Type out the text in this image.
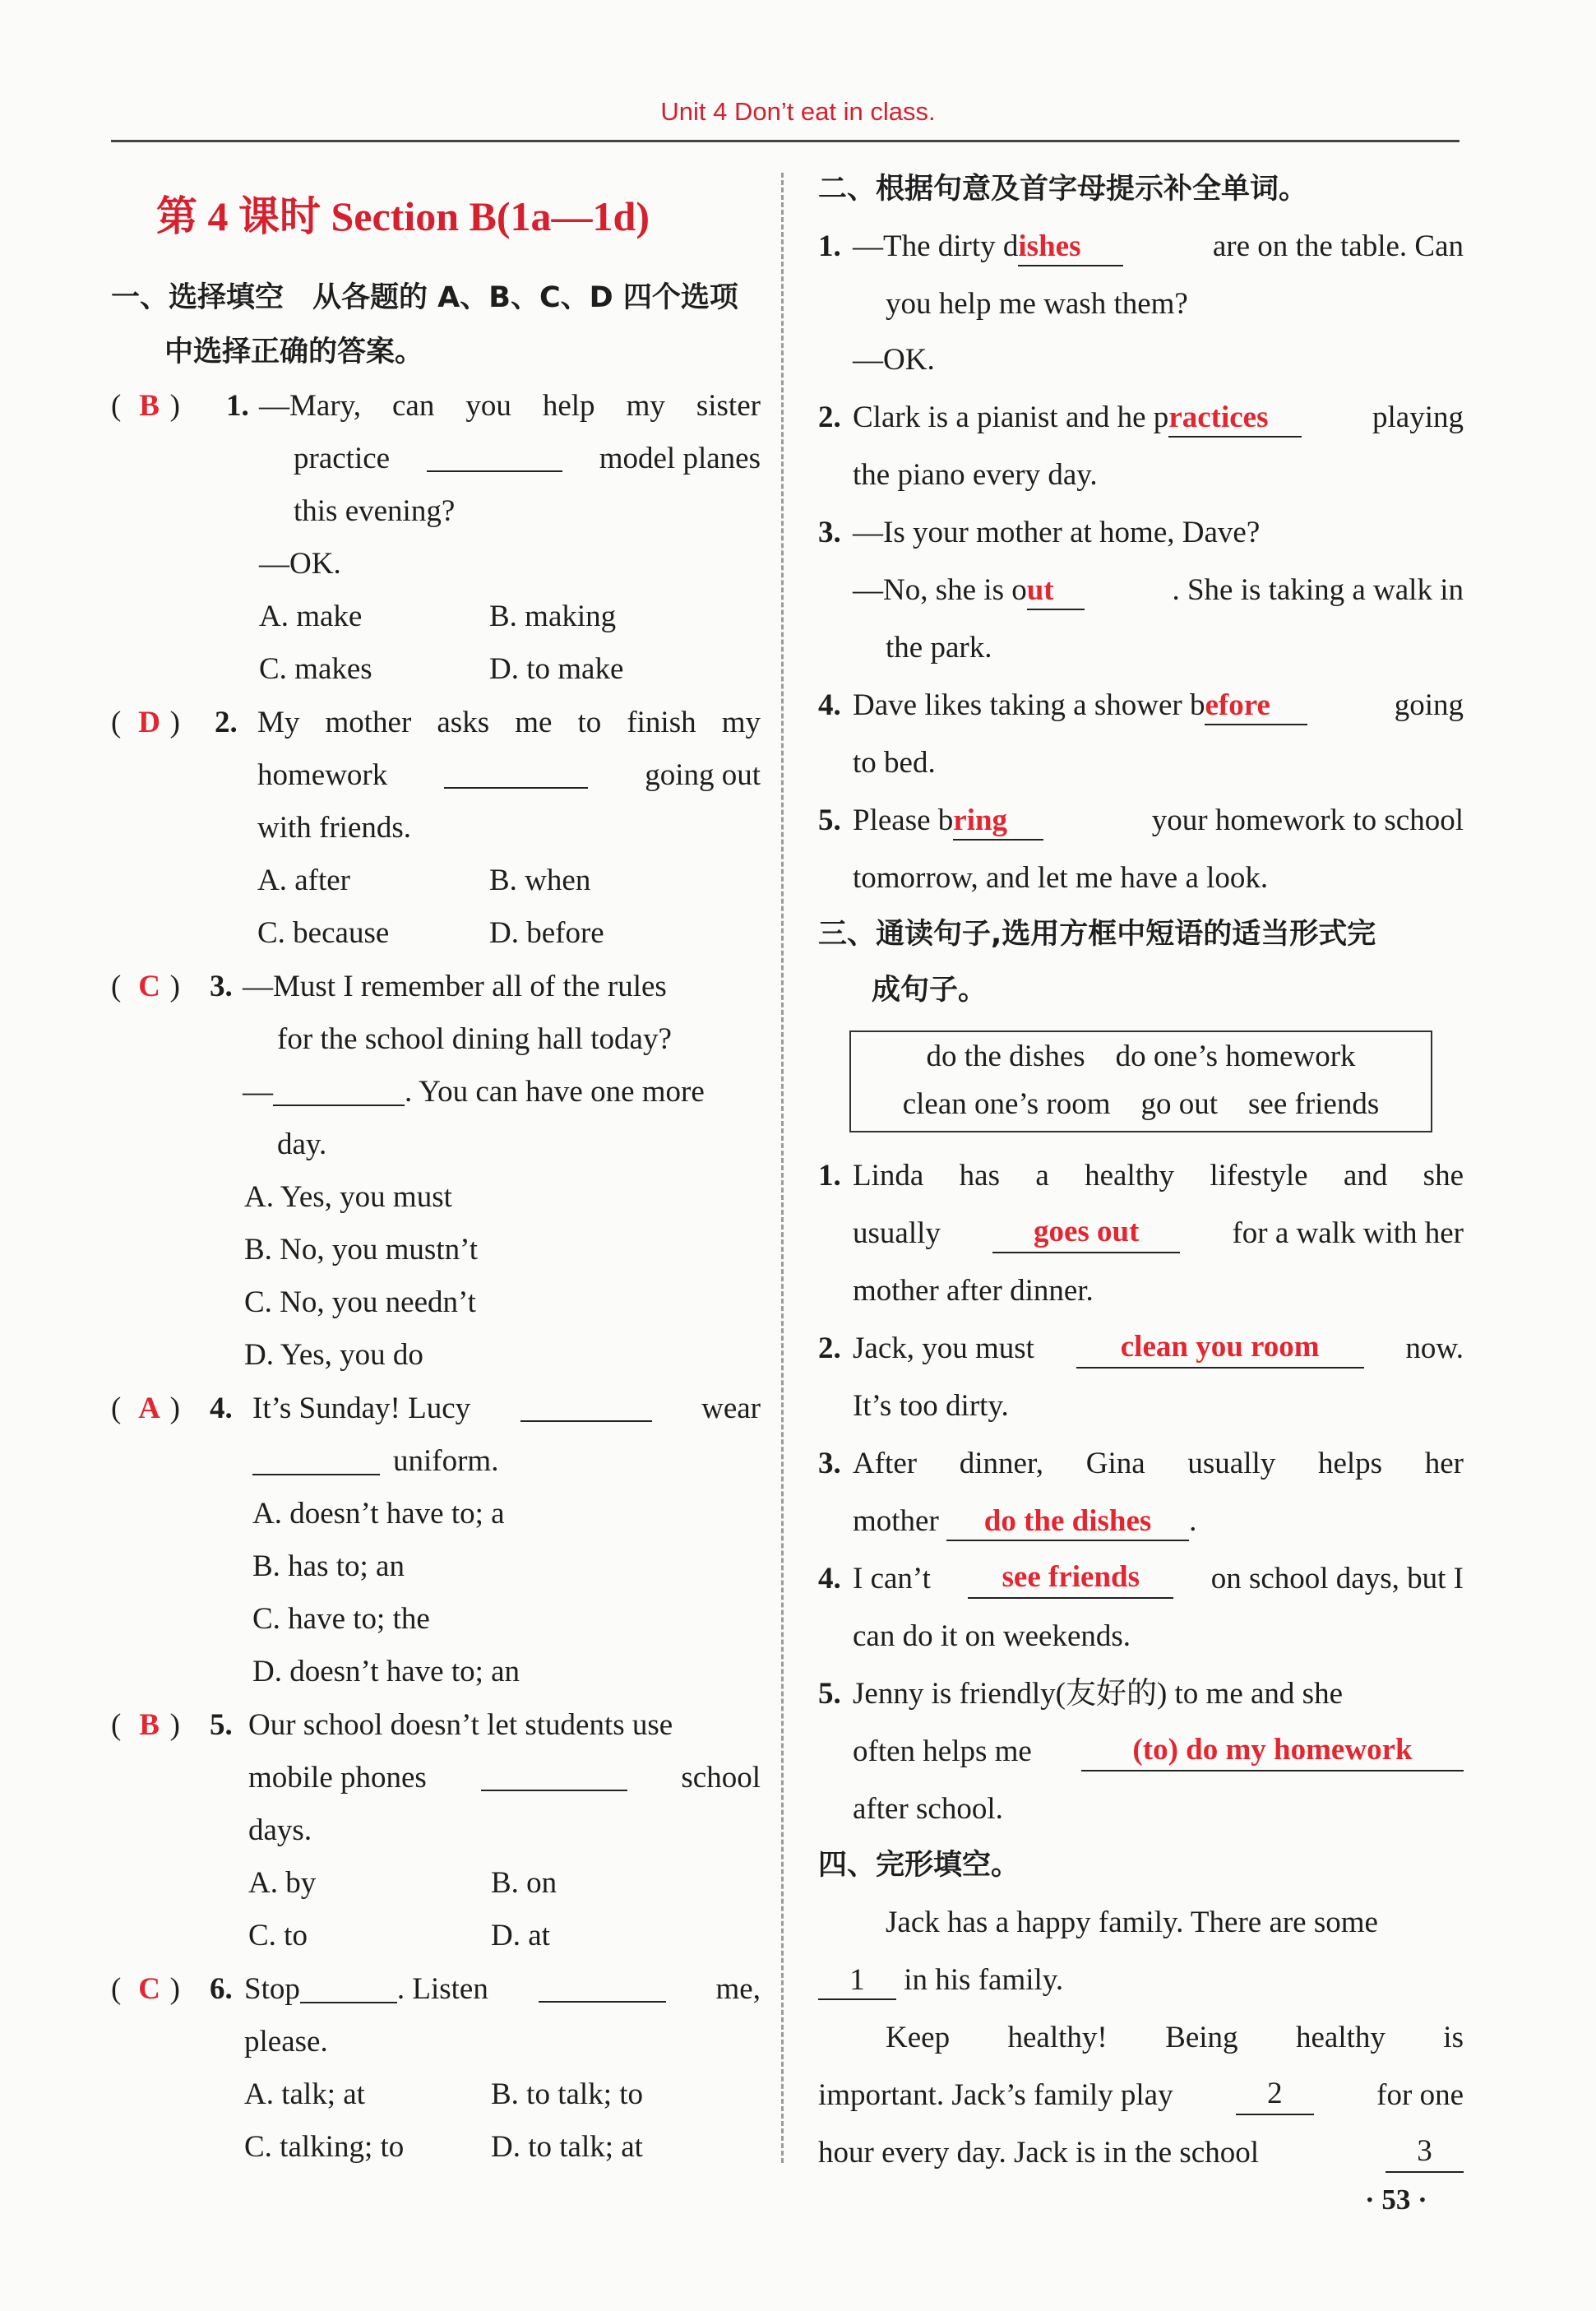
Unit 4 Don’t eat in class.
第 4 课时 Section B(1a—1d)
一、选择填空　从各题的 A、B、C、D 四个选项
中选择正确的答案。
( B ) 1. —Mary, can you help my sister
practice	model planes
this evening?
—OK.
A. make	B. making
C. makes	D. to make
( D ) 2. My mother asks me to finish my
homework	going out
with friends.
A. after	B. when
C. because	D. before
( C ) 3. —Must I remember all of the rules
for the school dining hall today?
—	. You can have one more
day.
A. Yes, you must
B. No, you mustn’t
C. No, you needn’t
D. Yes, you do
( A ) 4. It’s Sunday! Lucy	wear
uniform.
A. doesn’t have to; a
B. has to; an
C. have to; the
D. doesn’t have to; an
( B ) 5. Our school doesn’t let students use
mobile phones	school
days.
A. by	B. on
C. to	D. at
( C ) 6. Stop	. Listen	me,
please.
A. talk; at	B. to talk; to
C. talking; to	D. to talk; at
二、根据句意及首字母提示补全单词。
1. —The dirty dishes	are on the table. Can
you help me wash them?
—OK.
2. Clark is a pianist and he practices	playing
the piano every day.
3. —Is your mother at home, Dave?
—No, she is out	. She is taking a walk in
the park.
4. Dave likes taking a shower before	going
to bed.
5. Please bring	your homework to school
tomorrow, and let me have a look.
三、通读句子,选用方框中短语的适当形式完
成句子。
do the dishes    do one’s homework
clean one’s room    go out    see friends
1. Linda has a healthy lifestyle and she
usually	goes out	for a walk with her
mother after dinner.
2. Jack, you must	clean you room	now.
It’s too dirty.
3. After dinner, Gina usually helps her
mother do the dishes .
4. I can’t	see friends	on school days, but I
can do it on weekends.
5. Jenny is friendly(友好的) to me and she
often helps me	(to) do my homework
after school.
四、完形填空。
Jack has a happy family. There are some
1 in his family.
Keep healthy! Being healthy is
important. Jack’s family play	2	for one
hour every day. Jack is in the school	3
· 53 ·
